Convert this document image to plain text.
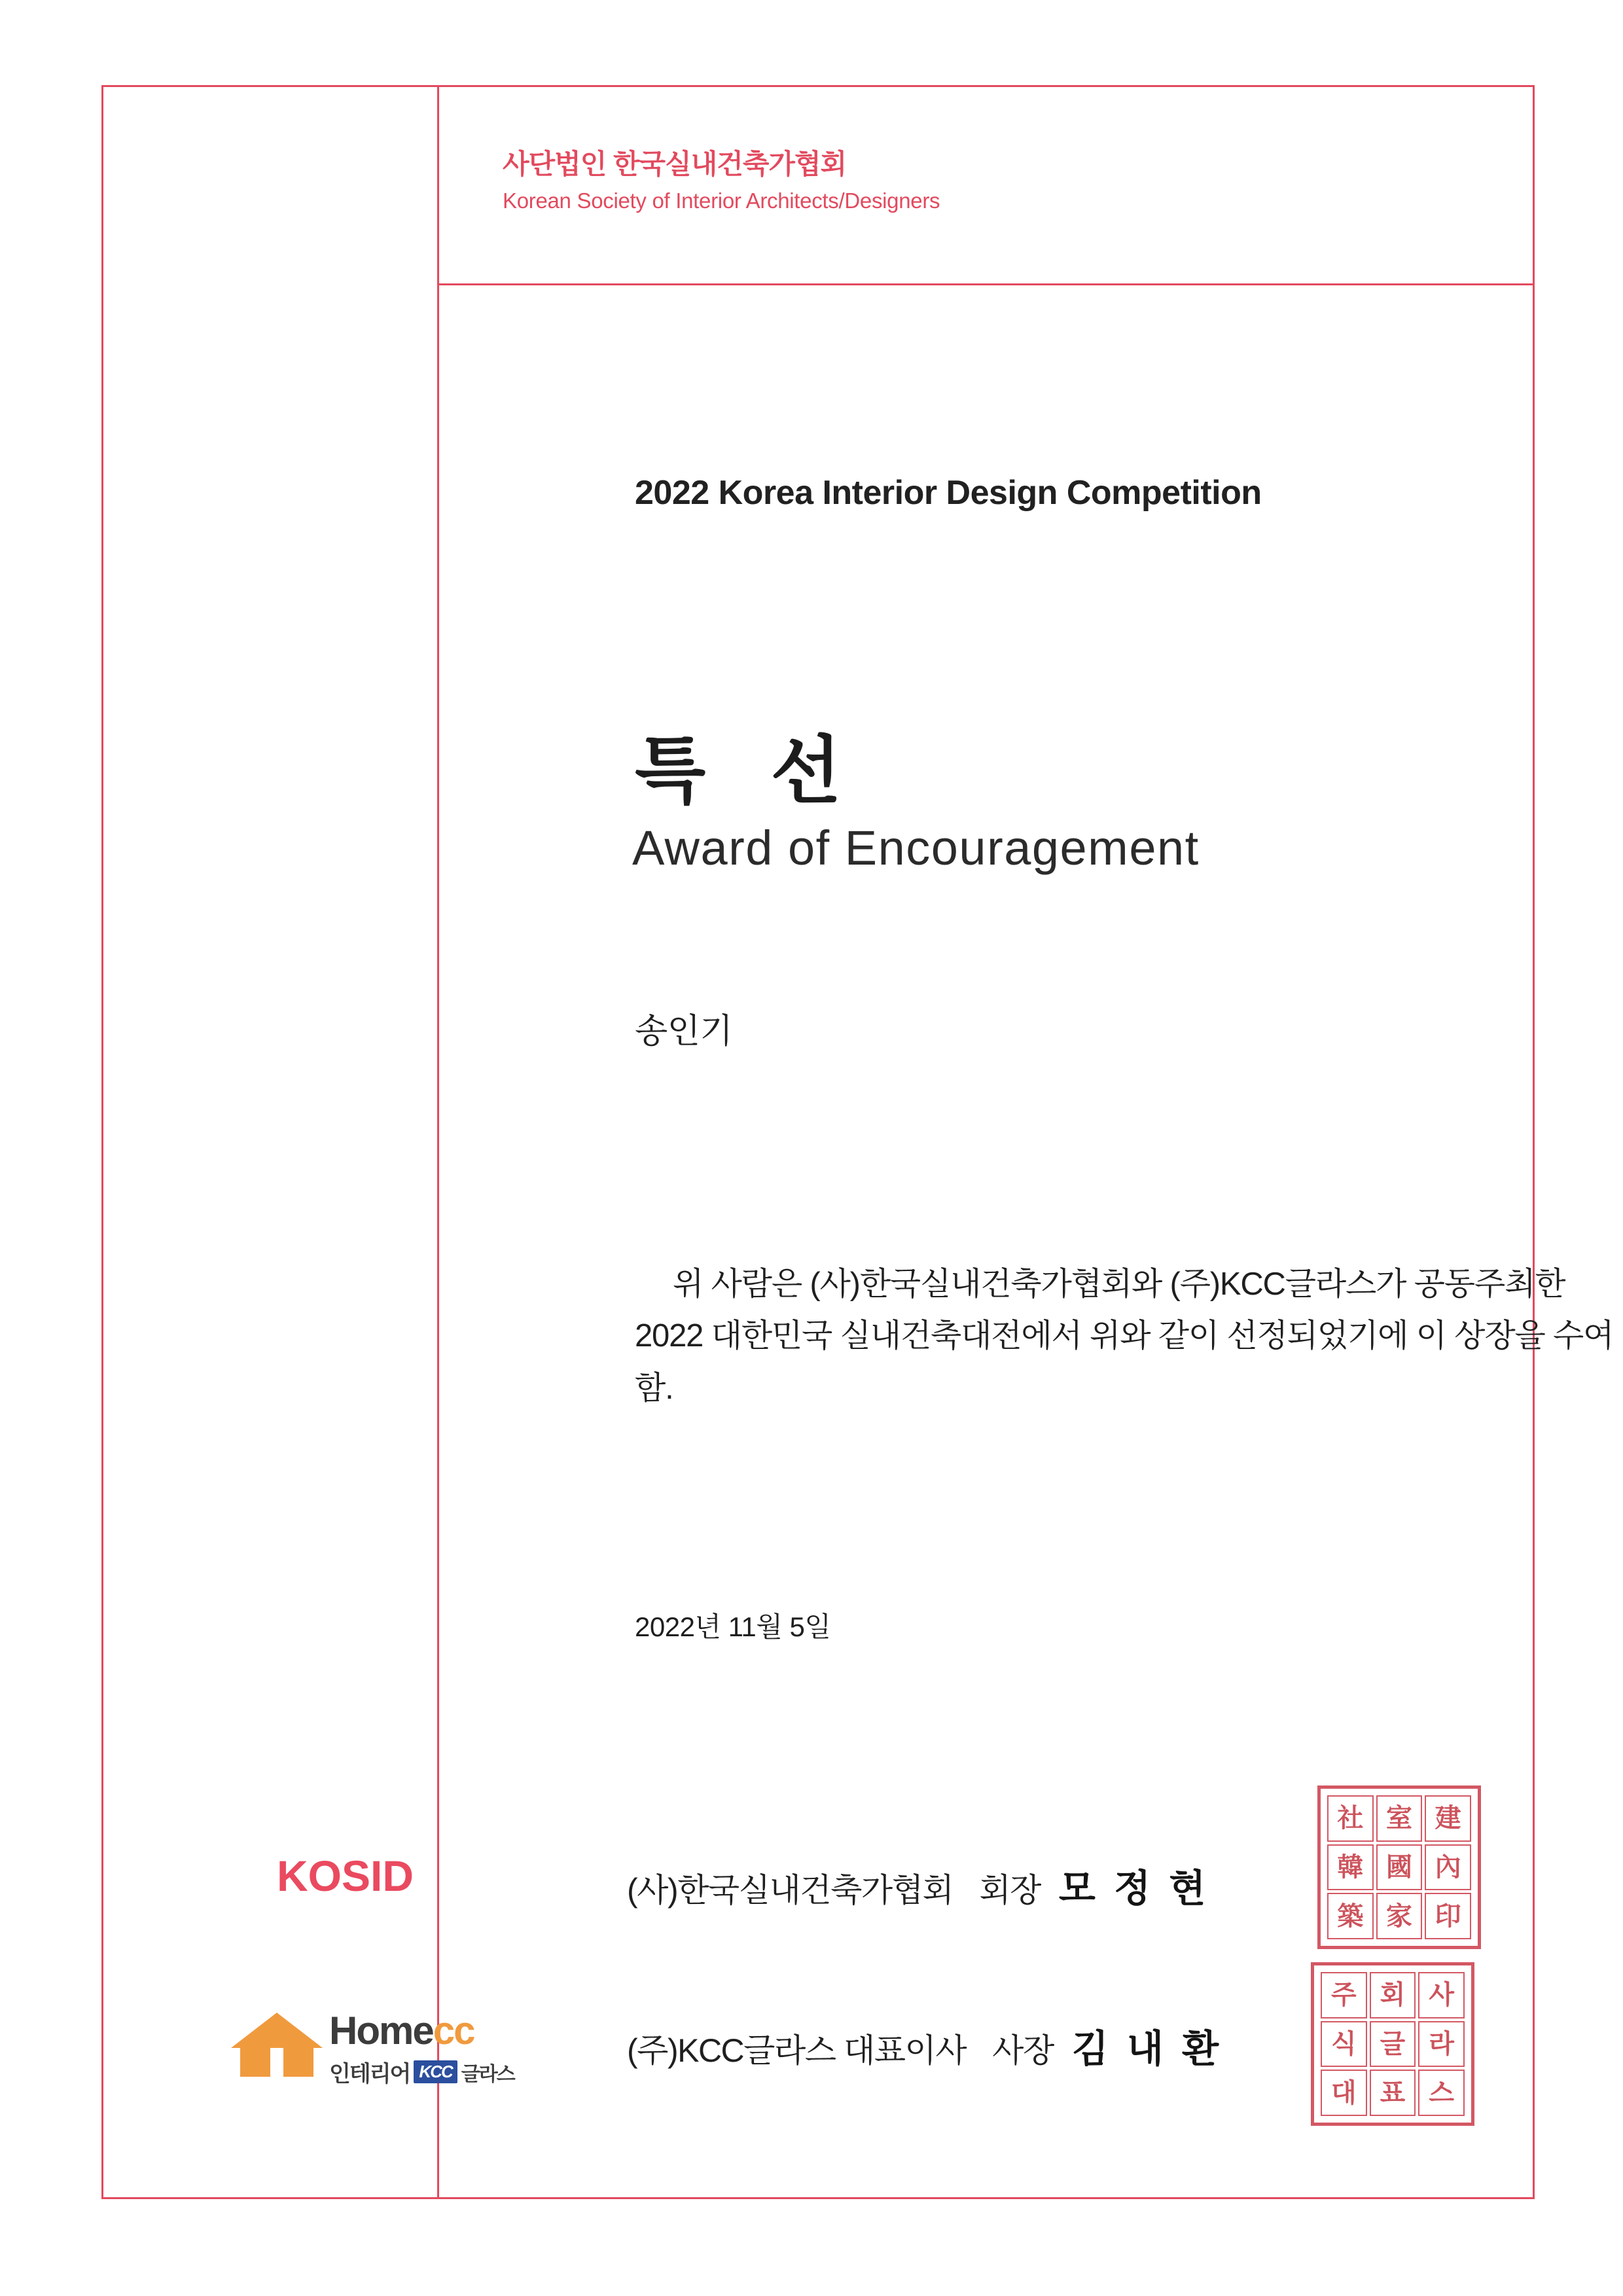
사단법인 한국실내건축가협회

Korean Society of Interior Architects/Designers

2022 Korea Interior Design Competition
특 선
Award of Encouragement
송인기
위 사람은 (사)한국실내건축가협회와 (주)KCC글라스가 공동주최한 2022 대한민국 실내건축대전에서 위와 같이 선정되었기에 이 상장을 수여함.
2022년 11월 5일
(사)한국실내건축가협회 회장 모 정 현
(주)KCC글라스 대표이사 사장 김 내 환
社 室 建
韓 國 內
築 家 印
주 회 사
식 글 라
대 표 스
KOSID
Homecc
인테리어 KCC 글라스
